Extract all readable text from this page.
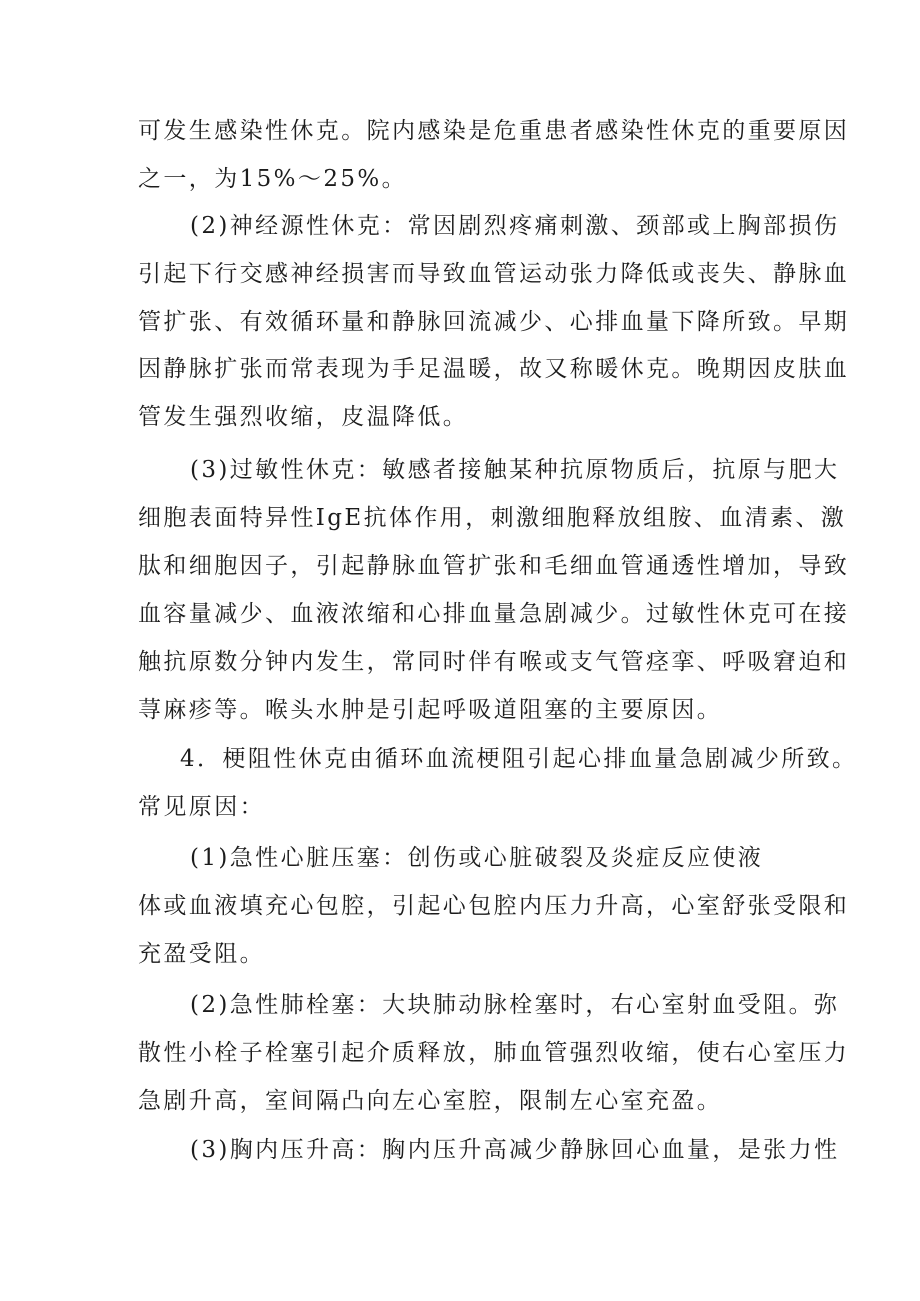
可发生感染性休克。院内感染是危重患者感染性休克的重要原因
之一，为15%～25%。
(2)神经源性休克：常因剧烈疼痛刺激、颈部或上胸部损伤
引起下行交感神经损害而导致血管运动张力降低或丧失、静脉血
管扩张、有效循环量和静脉回流减少、心排血量下降所致。早期
因静脉扩张而常表现为手足温暖，故又称暖休克。晚期因皮肤血
管发生强烈收缩，皮温降低。
(3)过敏性休克：敏感者接触某种抗原物质后，抗原与肥大
细胞表面特异性IgE抗体作用，刺激细胞释放组胺、血清素、激
肽和细胞因子，引起静脉血管扩张和毛细血管通透性增加，导致
血容量减少、血液浓缩和心排血量急剧减少。过敏性休克可在接
触抗原数分钟内发生，常同时伴有喉或支气管痉挛、呼吸窘迫和
荨麻疹等。喉头水肿是引起呼吸道阻塞的主要原因。
4．梗阻性休克由循环血流梗阻引起心排血量急剧减少所致。
常见原因：
(1)急性心脏压塞：创伤或心脏破裂及炎症反应使液
体或血液填充心包腔，引起心包腔内压力升高，心室舒张受限和
充盈受阻。
(2)急性肺栓塞：大块肺动脉栓塞时，右心室射血受阻。弥
散性小栓子栓塞引起介质释放，肺血管强烈收缩，使右心室压力
急剧升高，室间隔凸向左心室腔，限制左心室充盈。
(3)胸内压升高：胸内压升高减少静脉回心血量，是张力性
